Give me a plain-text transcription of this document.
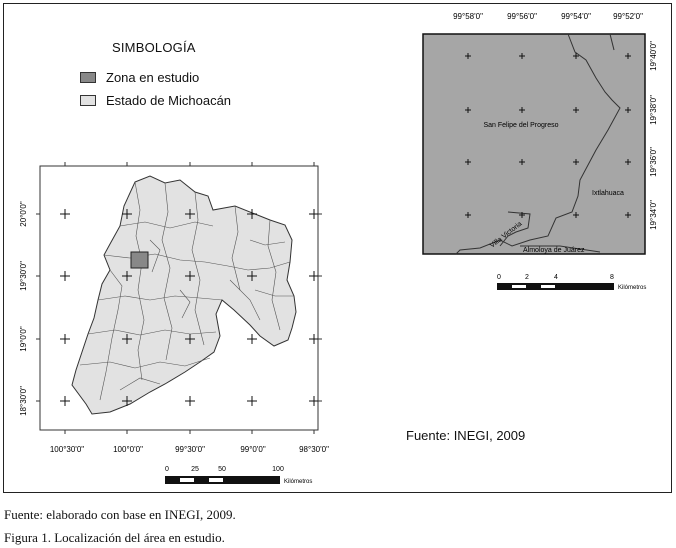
SIMBOLOGÍA
Zona en estudio
Estado de Michoacán
100°30'0"	100°0'0"	99°30'0"	99°0'0"	98°30'0"
20°0'0"
19°30'0"
19°0'0"
18°30'0"
0	25	50	100
Kilómetros
San Felipe del Progreso
Ixtlahuaca
Villa Victoria
Almoloya de Juárez
99°58'0"	99°56'0"	99°54'0"	99°52'0"
19°40'0"
19°38'0"
19°36'0"
19°34'0"
0	2	4	8
Kilómetros
Fuente: INEGI, 2009
Fuente: elaborado con base en INEGI, 2009.
Figura 1. Localización del área en estudio.
